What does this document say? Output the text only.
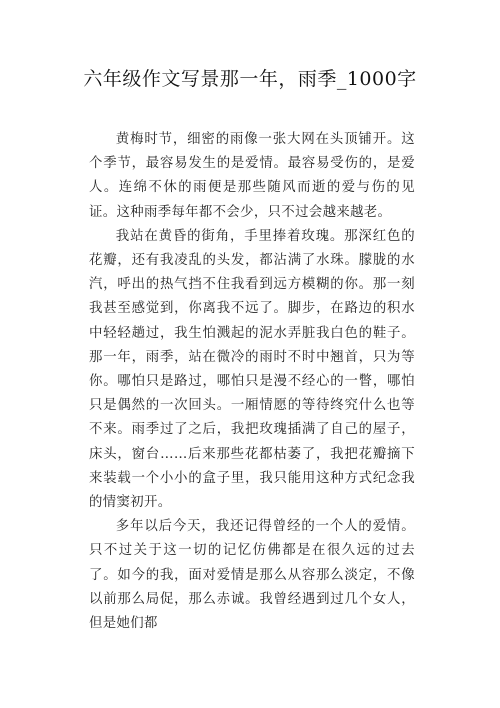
六年级作文写景那一年，雨季_1000字

黄梅时节，细密的雨像一张大网在头顶铺开。这个季节，最容易发生的是爱情。最容易受伤的，是爱人。连绵不休的雨便是那些随风而逝的爱与伤的见证。这种雨季每年都不会少，只不过会越来越老。

我站在黄昏的街角，手里捧着玫瑰。那深红色的花瓣，还有我凌乱的头发，都沾满了水珠。朦胧的水汽，呼出的热气挡不住我看到远方模糊的你。那一刻我甚至感觉到，你离我不远了。脚步，在路边的积水中轻轻趟过，我生怕溅起的泥水弄脏我白色的鞋子。那一年，雨季，站在微冷的雨时不时中翘首，只为等你。哪怕只是路过，哪怕只是漫不经心的一瞥，哪怕只是偶然的一次回头。一厢情愿的等待终究什么也等不来。雨季过了之后，我把玫瑰插满了自己的屋子，床头，窗台……后来那些花都枯萎了，我把花瓣摘下来装载一个小小的盒子里，我只能用这种方式纪念我的情窦初开。

多年以后今天，我还记得曾经的一个人的爱情。只不过关于这一切的记忆仿佛都是在很久远的过去了。如今的我，面对爱情是那么从容那么淡定，不像以前那么局促，那么赤诚。我曾经遇到过几个女人，但是她们都
